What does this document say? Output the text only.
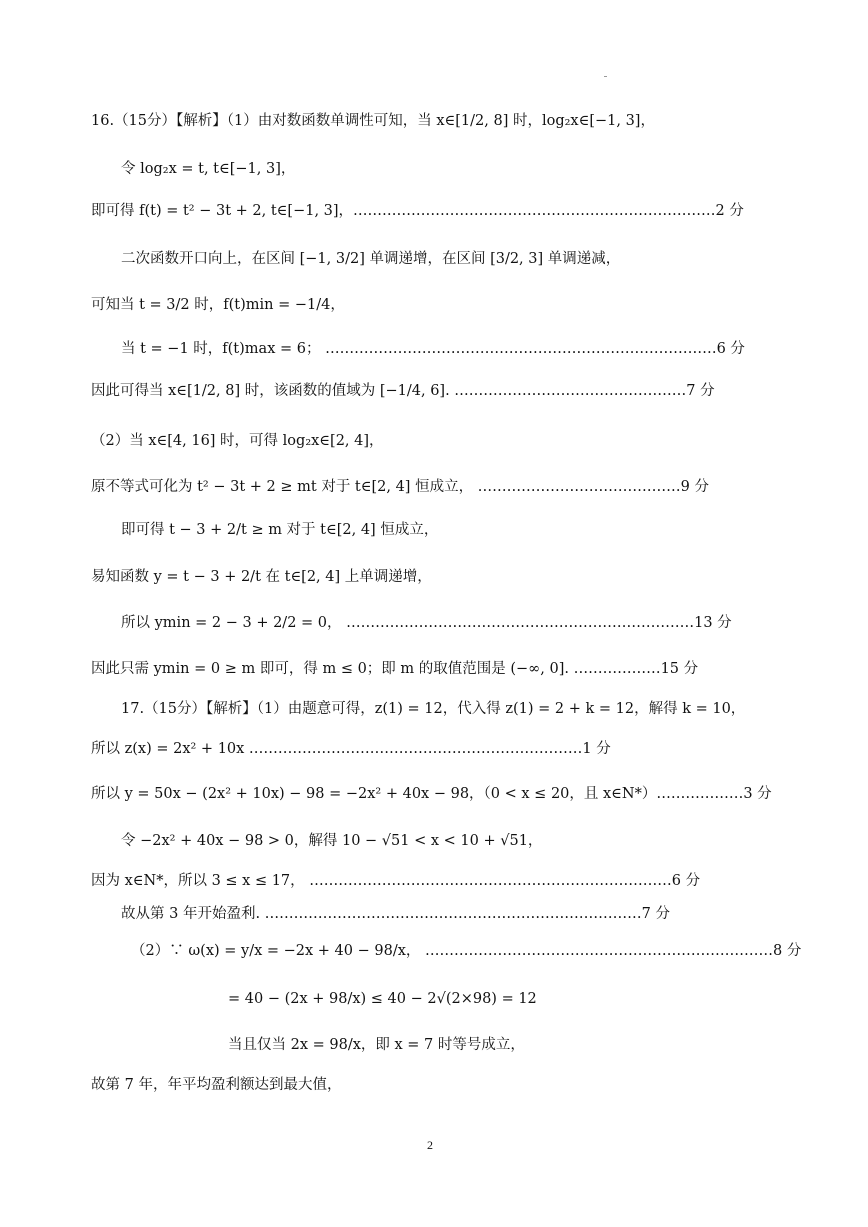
16.（15分）【解析】（1）由对数函数单调性可知，当 x∈[1/2, 8] 时，log₂x∈[−1, 3]，
令 log₂x = t, t∈[−1, 3]，
即可得 f(t) = t² − 3t + 2, t∈[−1, 3]，…………………………………………………………………2 分
二次函数开口向上，在区间 [−1, 3/2] 单调递增，在区间 [3/2, 3] 单调递减，
可知当 t = 3/2 时，f(t)min = −1/4，
当 t = −1 时，f(t)max = 6； ………………………………………………………………………6 分
因此可得当 x∈[1/2, 8] 时，该函数的值域为 [−1/4, 6]. …………………………………………7 分
（2）当 x∈[4, 16] 时，可得 log₂x∈[2, 4]，
原不等式可化为 t² − 3t + 2 ≥ mt 对于 t∈[2, 4] 恒成立， ……………………………………9 分
即可得 t − 3 + 2/t ≥ m 对于 t∈[2, 4] 恒成立，
易知函数 y = t − 3 + 2/t 在 t∈[2, 4] 上单调递增，
所以 ymin = 2 − 3 + 2/2 = 0， ………………………………………………………………13 分
因此只需 ymin = 0 ≥ m 即可，得 m ≤ 0；即 m 的取值范围是 (−∞, 0]. ………………15 分
17.（15分）【解析】（1）由题意可得，z(1) = 12，代入得 z(1) = 2 + k = 12，解得 k = 10，
所以 z(x) = 2x² + 10x ……………………………………………………………1 分
所以 y = 50x − (2x² + 10x) − 98 = −2x² + 40x − 98，（0 < x ≤ 20，且 x∈N*）………………3 分
令 −2x² + 40x − 98 > 0，解得 10 − √51 < x < 10 + √51，
因为 x∈N*，所以 3 ≤ x ≤ 17， …………………………………………………………………6 分
故从第 3 年开始盈利. ……………………………………………………………………7 分
（2）∵ ω(x) = y/x = −2x + 40 − 98/x， ………………………………………………………………8 分
= 40 − (2x + 98/x) ≤ 40 − 2√(2×98) = 12
当且仅当 2x = 98/x，即 x = 7 时等号成立，
故第 7 年，年平均盈利额达到最大值，
2
